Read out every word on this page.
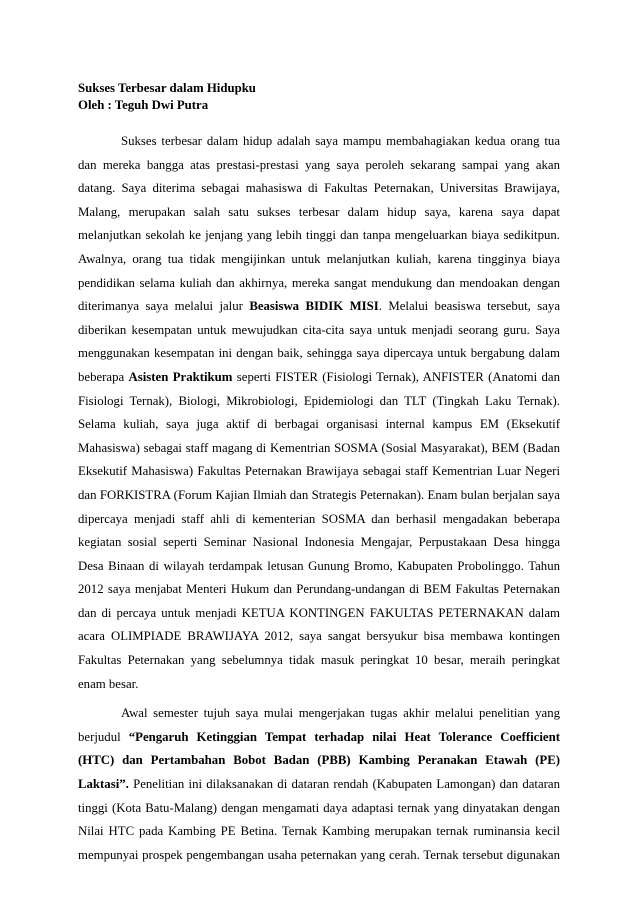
Sukses Terbesar dalam Hidupku
Oleh : Teguh Dwi Putra
Sukses terbesar dalam hidup adalah saya mampu membahagiakan kedua orang tua
dan mereka bangga atas prestasi-prestasi yang saya peroleh sekarang sampai yang akan
datang. Saya diterima sebagai mahasiswa di Fakultas Peternakan, Universitas Brawijaya,
Malang, merupakan salah satu sukses terbesar dalam hidup saya, karena saya dapat
melanjutkan sekolah ke jenjang yang lebih tinggi dan tanpa mengeluarkan biaya sedikitpun.
Awalnya, orang tua tidak mengijinkan untuk melanjutkan kuliah, karena tingginya biaya
pendidikan selama kuliah dan akhirnya, mereka sangat mendukung dan mendoakan dengan
diterimanya saya melalui jalur Beasiswa BIDIK MISI. Melalui beasiswa tersebut, saya
diberikan kesempatan untuk mewujudkan cita-cita saya untuk menjadi seorang guru. Saya
menggunakan kesempatan ini dengan baik, sehingga saya dipercaya untuk bergabung dalam
beberapa Asisten Praktikum seperti FISTER (Fisiologi Ternak), ANFISTER (Anatomi dan
Fisiologi Ternak), Biologi, Mikrobiologi, Epidemiologi dan TLT (Tingkah Laku Ternak).
Selama kuliah, saya juga aktif di berbagai organisasi internal kampus EM (Eksekutif
Mahasiswa) sebagai staff magang di Kementrian SOSMA (Sosial Masyarakat), BEM (Badan
Eksekutif Mahasiswa) Fakultas Peternakan Brawijaya sebagai staff Kementrian Luar Negeri
dan FORKISTRA (Forum Kajian Ilmiah dan Strategis Peternakan). Enam bulan berjalan saya
dipercaya menjadi staff ahli di kementerian SOSMA dan berhasil mengadakan beberapa
kegiatan sosial seperti Seminar Nasional Indonesia Mengajar, Perpustakaan Desa hingga
Desa Binaan di wilayah terdampak letusan Gunung Bromo, Kabupaten Probolinggo. Tahun
2012 saya menjabat Menteri Hukum dan Perundang-undangan di BEM Fakultas Peternakan
dan di percaya untuk menjadi KETUA KONTINGEN FAKULTAS PETERNAKAN dalam
acara OLIMPIADE BRAWIJAYA 2012, saya sangat bersyukur bisa membawa kontingen
Fakultas Peternakan yang sebelumnya tidak masuk peringkat 10 besar, meraih peringkat
enam besar.
Awal semester tujuh saya mulai mengerjakan tugas akhir melalui penelitian yang
berjudul “Pengaruh Ketinggian Tempat terhadap nilai Heat Tolerance Coefficient
(HTC) dan Pertambahan Bobot Badan (PBB) Kambing Peranakan Etawah (PE)
Laktasi”. Penelitian ini dilaksanakan di dataran rendah (Kabupaten Lamongan) dan dataran
tinggi (Kota Batu-Malang) dengan mengamati daya adaptasi ternak yang dinyatakan dengan
Nilai HTC pada Kambing PE Betina. Ternak Kambing merupakan ternak ruminansia kecil
mempunyai prospek pengembangan usaha peternakan yang cerah. Ternak tersebut digunakan
